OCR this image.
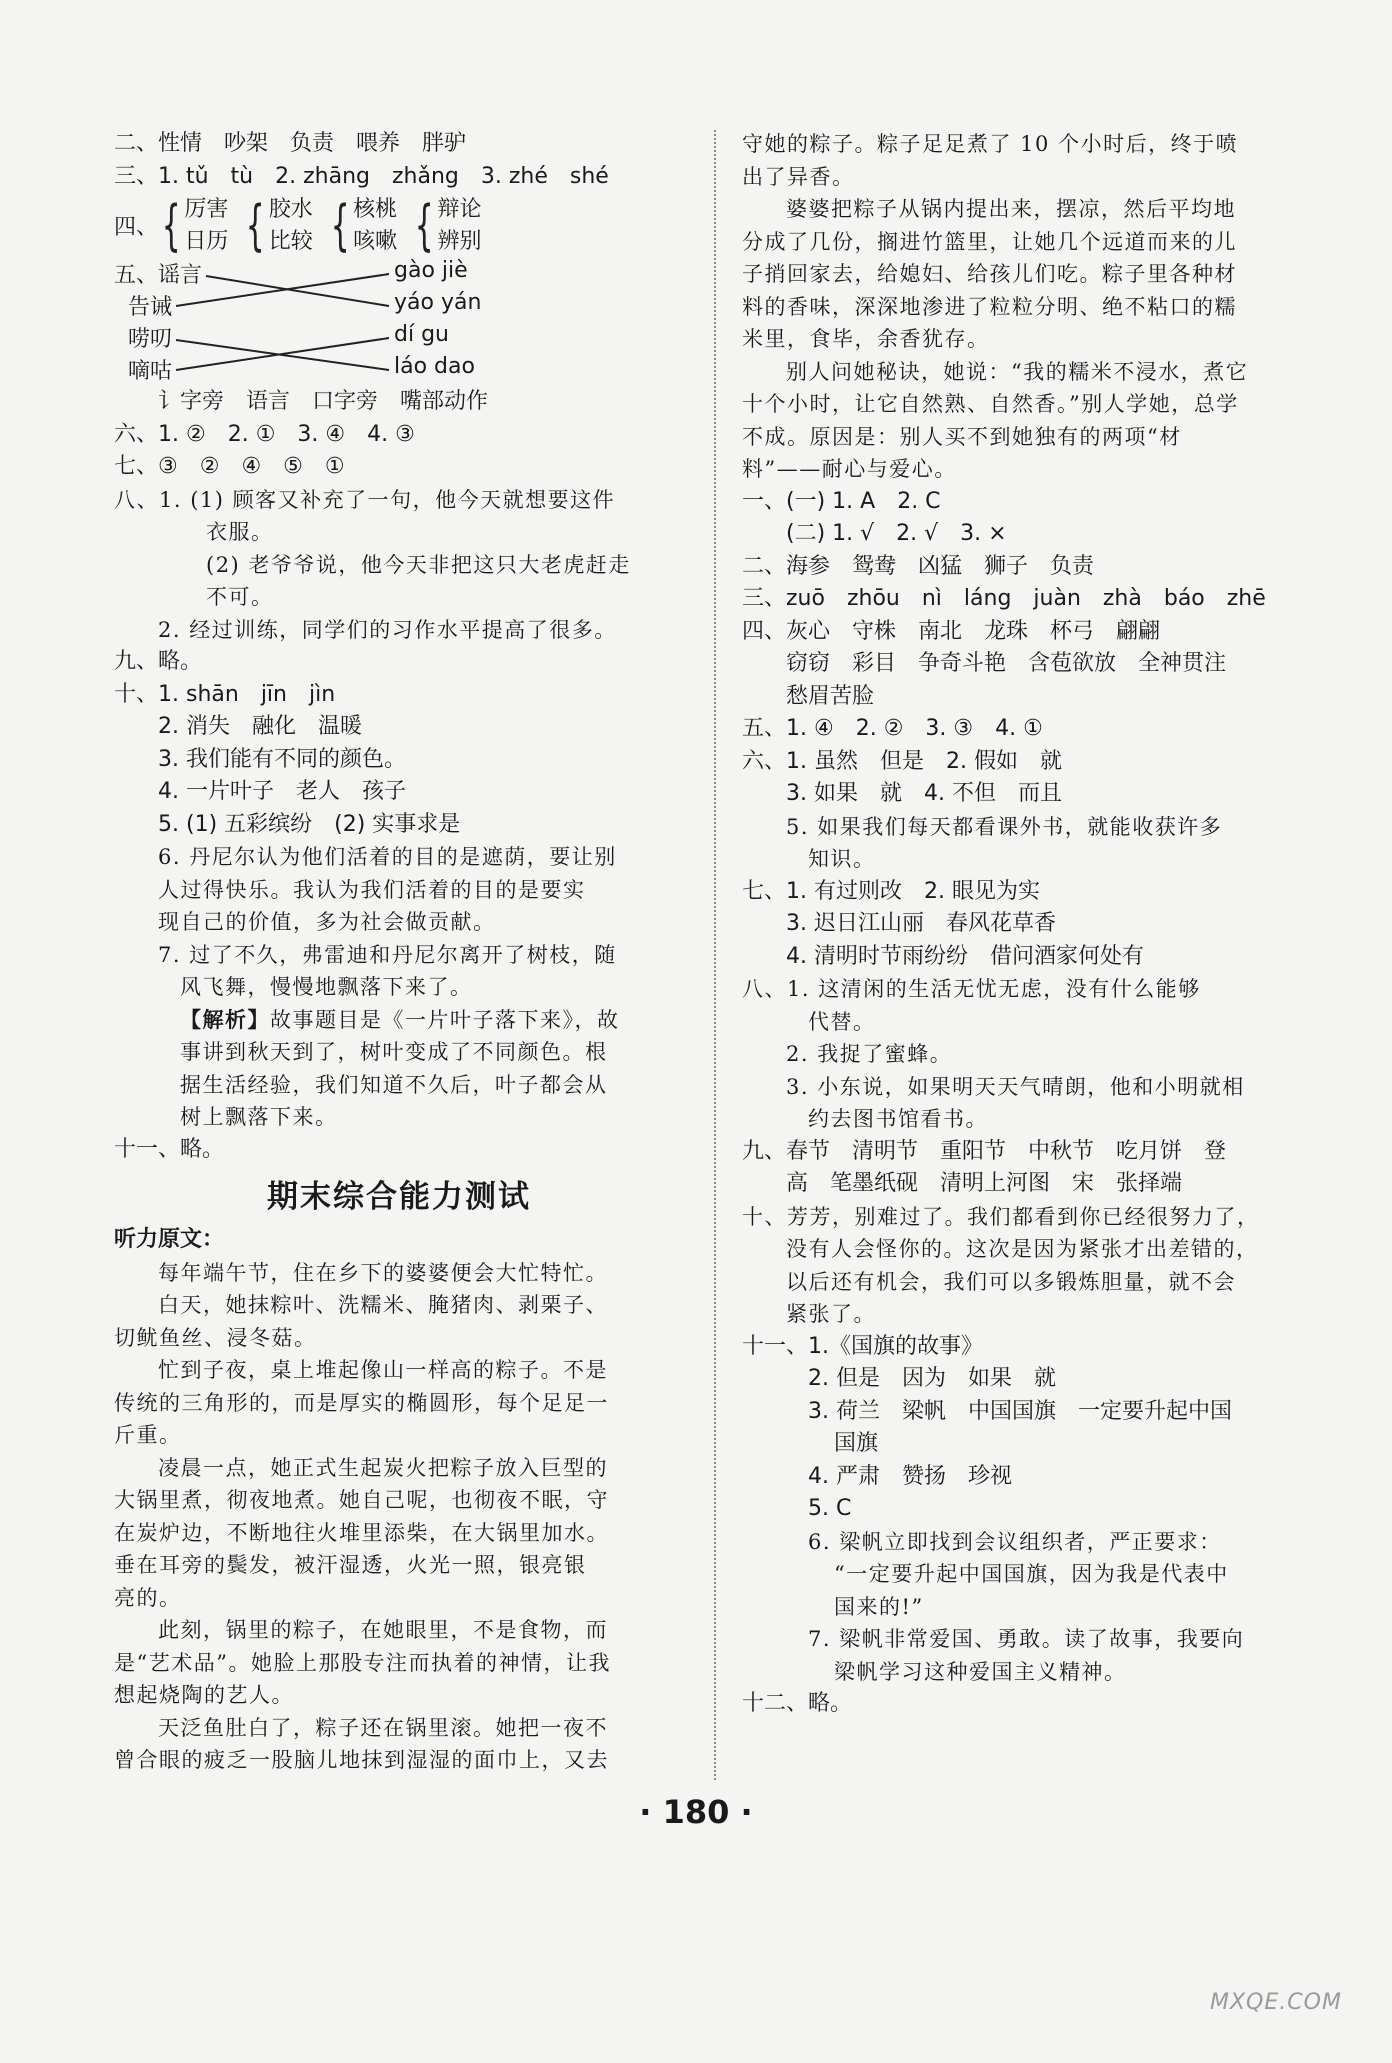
二、性情　吵架　负责　喂养　胖驴
三、1. tǔ　tù　2. zhāng　zhǎng　3. zhé　shé
四、 { 厉害
日历 { 胶水
比较 { 核桃
咳嗽 { 辩论
辨别
五、 谣言
告诫
gào jiè
yáo yán
唠叨
嘀咕
dí gu
láo dao
讠字旁　语言　口字旁　嘴部动作
六、1. ②　2. ①　3. ④　4. ③
七、③　②　④　⑤　①
八、1. (1) 顾客又补充了一句，他今天就想要这件
衣服。
(2) 老爷爷说，他今天非把这只大老虎赶走
不可。
2. 经过训练，同学们的习作水平提高了很多。
九、略。
十、1. shān　jīn　jìn
2. 消失　融化　温暖
3. 我们能有不同的颜色。
4. 一片叶子　老人　孩子
5. (1) 五彩缤纷　(2) 实事求是
6. 丹尼尔认为他们活着的目的是遮荫，要让别
人过得快乐。我认为我们活着的目的是要实
现自己的价值，多为社会做贡献。
7. 过了不久，弗雷迪和丹尼尔离开了树枝，随
风飞舞，慢慢地飘落下来了。
【解析】故事题目是《一片叶子落下来》，故
事讲到秋天到了，树叶变成了不同颜色。根
据生活经验，我们知道不久后，叶子都会从
树上飘落下来。
十一、略。
期末综合能力测试
听力原文：
每年端午节，住在乡下的婆婆便会大忙特忙。
白天，她抹粽叶、洗糯米、腌猪肉、剥栗子、
切鱿鱼丝、浸冬菇。
忙到子夜，桌上堆起像山一样高的粽子。不是
传统的三角形的，而是厚实的椭圆形，每个足足一
斤重。
凌晨一点，她正式生起炭火把粽子放入巨型的
大锅里煮，彻夜地煮。她自己呢，也彻夜不眠，守
在炭炉边，不断地往火堆里添柴，在大锅里加水。
垂在耳旁的鬓发，被汗湿透，火光一照，银亮银
亮的。
此刻，锅里的粽子，在她眼里，不是食物，而
是“艺术品”。她脸上那股专注而执着的神情，让我
想起烧陶的艺人。
天泛鱼肚白了，粽子还在锅里滚。她把一夜不
曾合眼的疲乏一股脑儿地抹到湿湿的面巾上，又去
守她的粽子。粽子足足煮了 10 个小时后，终于喷
出了异香。
婆婆把粽子从锅内提出来，摆凉，然后平均地
分成了几份，搁进竹篮里，让她几个远道而来的儿
子捎回家去，给媳妇、给孩儿们吃。粽子里各种材
料的香味，深深地渗进了粒粒分明、绝不粘口的糯
米里，食毕，余香犹存。
别人问她秘诀，她说：“我的糯米不浸水，煮它
十个小时，让它自然熟、自然香。”别人学她，总学
不成。原因是：别人买不到她独有的两项“材
料”——耐心与爱心。
一、(一) 1. A　2. C
(二) 1. √　2. √　3. ×
二、海参　鸳鸯　凶猛　狮子　负责
三、zuō　zhōu　nì　láng　juàn　zhà　báo　zhē
四、灰心　守株　南北　龙珠　杯弓　翩翩
窃窃　彩目　争奇斗艳　含苞欲放　全神贯注
愁眉苦脸
五、1. ④　2. ②　3. ③　4. ①
六、1. 虽然　但是　2. 假如　就
3. 如果　就　4. 不但　而且
5. 如果我们每天都看课外书，就能收获许多
知识。
七、1. 有过则改　2. 眼见为实
3. 迟日江山丽　春风花草香
4. 清明时节雨纷纷　借问酒家何处有
八、1. 这清闲的生活无忧无虑，没有什么能够
代替。
2. 我捉了蜜蜂。
3. 小东说，如果明天天气晴朗，他和小明就相
约去图书馆看书。
九、春节　清明节　重阳节　中秋节　吃月饼　登
高　笔墨纸砚　清明上河图　宋　张择端
十、芳芳，别难过了。我们都看到你已经很努力了，
没有人会怪你的。这次是因为紧张才出差错的，
以后还有机会，我们可以多锻炼胆量，就不会
紧张了。
十一、1.《国旗的故事》
2. 但是　因为　如果　就
3. 荷兰　梁帆　中国国旗　一定要升起中国
国旗
4. 严肃　赞扬　珍视
5. C
6. 梁帆立即找到会议组织者，严正要求：
“一定要升起中国国旗，因为我是代表中
国来的!”
7. 梁帆非常爱国、勇敢。读了故事，我要向
梁帆学习这种爱国主义精神。
十二、略。
· 180 ·
MXQE.COM
